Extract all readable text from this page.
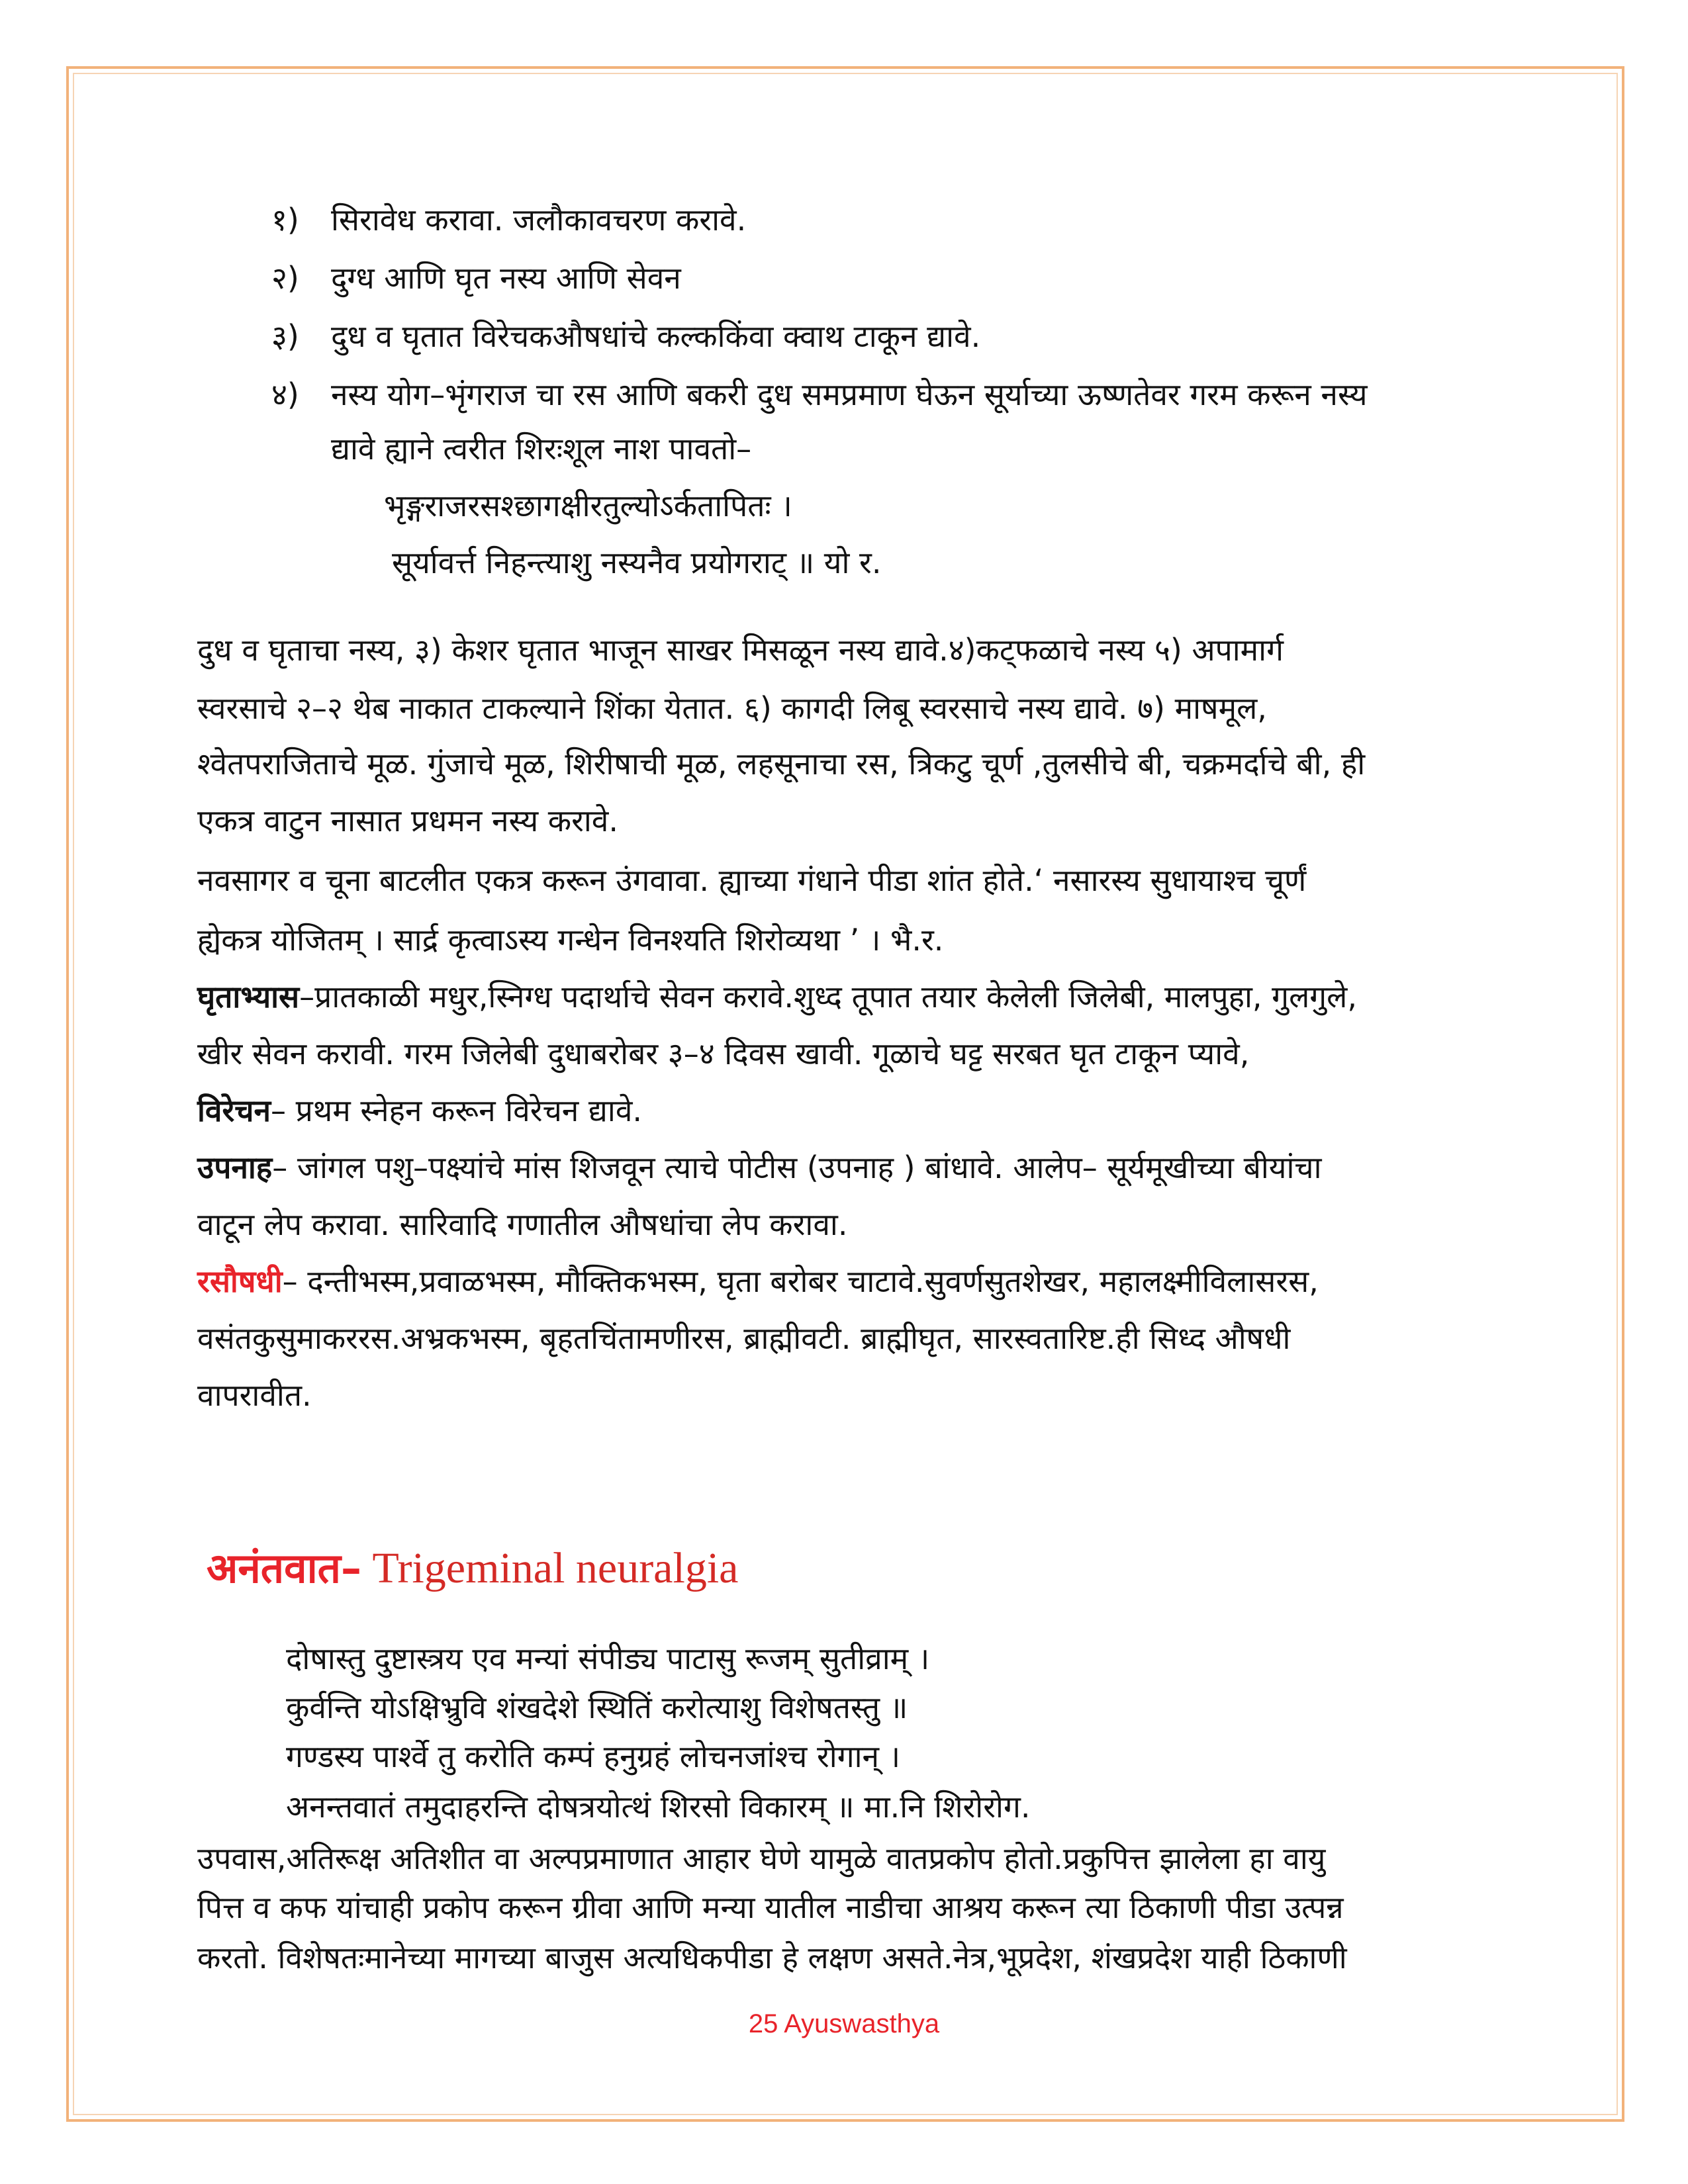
१) सिरावेध करावा. जलौकावचरण करावे.
२) दुग्ध आणि घृत नस्य आणि सेवन
३) दुध व घृतात विरेचकऔषधांचे कल्ककिंवा क्वाथ टाकून द्यावे.
४) नस्य योग–भृंगराज चा रस आणि बकरी दुध समप्रमाण घेऊन सूर्याच्या ऊष्णतेवर गरम करून नस्य
द्यावे ह्याने त्वरीत शिरःशूल नाश पावतो–
भृङ्गराजरसश्छागक्षीरतुल्योऽर्कतापितः ।
सूर्यावर्त्त निहन्त्याशु नस्यनैव प्रयोगराट् ॥ यो र.
दुध व घृताचा नस्य, ३) केशर घृतात भाजून साखर मिसळून नस्य द्यावे.४)कट्फळाचे नस्य ५) अपामार्ग
स्वरसाचे २–२ थेब नाकात टाकल्याने शिंका येतात. ६) कागदी लिबू स्वरसाचे नस्य द्यावे. ७) माषमूल,
श्वेतपराजिताचे मूळ. गुंजाचे मूळ, शिरीषाची मूळ, लहसूनाचा रस, त्रिकटु चूर्ण ,तुलसीचे बी, चक्रमर्दाचे बी, ही
एकत्र वाटुन नासात प्रधमन नस्य करावे.
नवसागर व चूना बाटलीत एकत्र करून उंगवावा. ह्याच्या गंधाने पीडा शांत होते.‘ नसारस्य सुधायाश्च चूर्णं
ह्येकत्र योजितम् । सार्द्र कृत्वाऽस्य गन्धेन विनश्यति शिरोव्यथा ’ । भै.र.
घृताभ्यास–प्रातकाळी मधुर,स्निग्ध पदार्थाचे सेवन करावे.शुध्द तूपात तयार केलेली जिलेबी, मालपुहा, गुलगुले,
खीर सेवन करावी. गरम जिलेबी दुधाबरोबर ३–४ दिवस खावी. गूळाचे घट्ट सरबत घृत टाकून प्यावे,
विरेचन– प्रथम स्नेहन करून विरेचन द्यावे.
उपनाह– जांगल पशु–पक्ष्यांचे मांस शिजवून त्याचे पोटीस (उपनाह ) बांधावे. आलेप– सूर्यमूखीच्या बीयांचा
वाटून लेप करावा. सारिवादि गणातील औषधांचा लेप करावा.
रसौषधी– दन्तीभस्म,प्रवाळभस्म, मौक्तिकभस्म, घृता बरोबर चाटावे.सुवर्णसुतशेखर, महालक्ष्मीविलासरस,
वसंतकुसुमाकररस.अभ्रकभस्म, बृहतचिंतामणीरस, ब्राह्मीवटी. ब्राह्मीघृत, सारस्वतारिष्ट.ही सिध्द औषधी
वापरावीत.
अनंतवात– Trigeminal neuralgia
दोषास्तु दुष्टास्त्रय एव मन्यां संपीड्य पाटासु रूजम् सुतीव्राम् ।
कुर्वन्ति योऽक्षिभ्रुवि शंखदेशे स्थितिं करोत्याशु विशेषतस्तु ॥
गण्डस्य पार्श्वे तु करोति कम्पं हनुग्रहं लोचनजांश्च रोगान् ।
अनन्तवातं तमुदाहरन्ति दोषत्रयोत्थं शिरसो विकारम् ॥ मा.नि शिरोरोग.
उपवास,अतिरूक्ष अतिशीत वा अल्पप्रमाणात आहार घेणे यामुळे वातप्रकोप होतो.प्रकुपित्त झालेला हा वायु
पित्त व कफ यांचाही प्रकोप करून ग्रीवा आणि मन्या यातील नाडीचा आश्रय करून त्या ठिकाणी पीडा उत्पन्न
करतो. विशेषतःमानेच्या मागच्या बाजुस अत्यधिकपीडा हे लक्षण असते.नेत्र,भूप्रदेश, शंखप्रदेश याही ठिकाणी
25 Ayuswasthya
